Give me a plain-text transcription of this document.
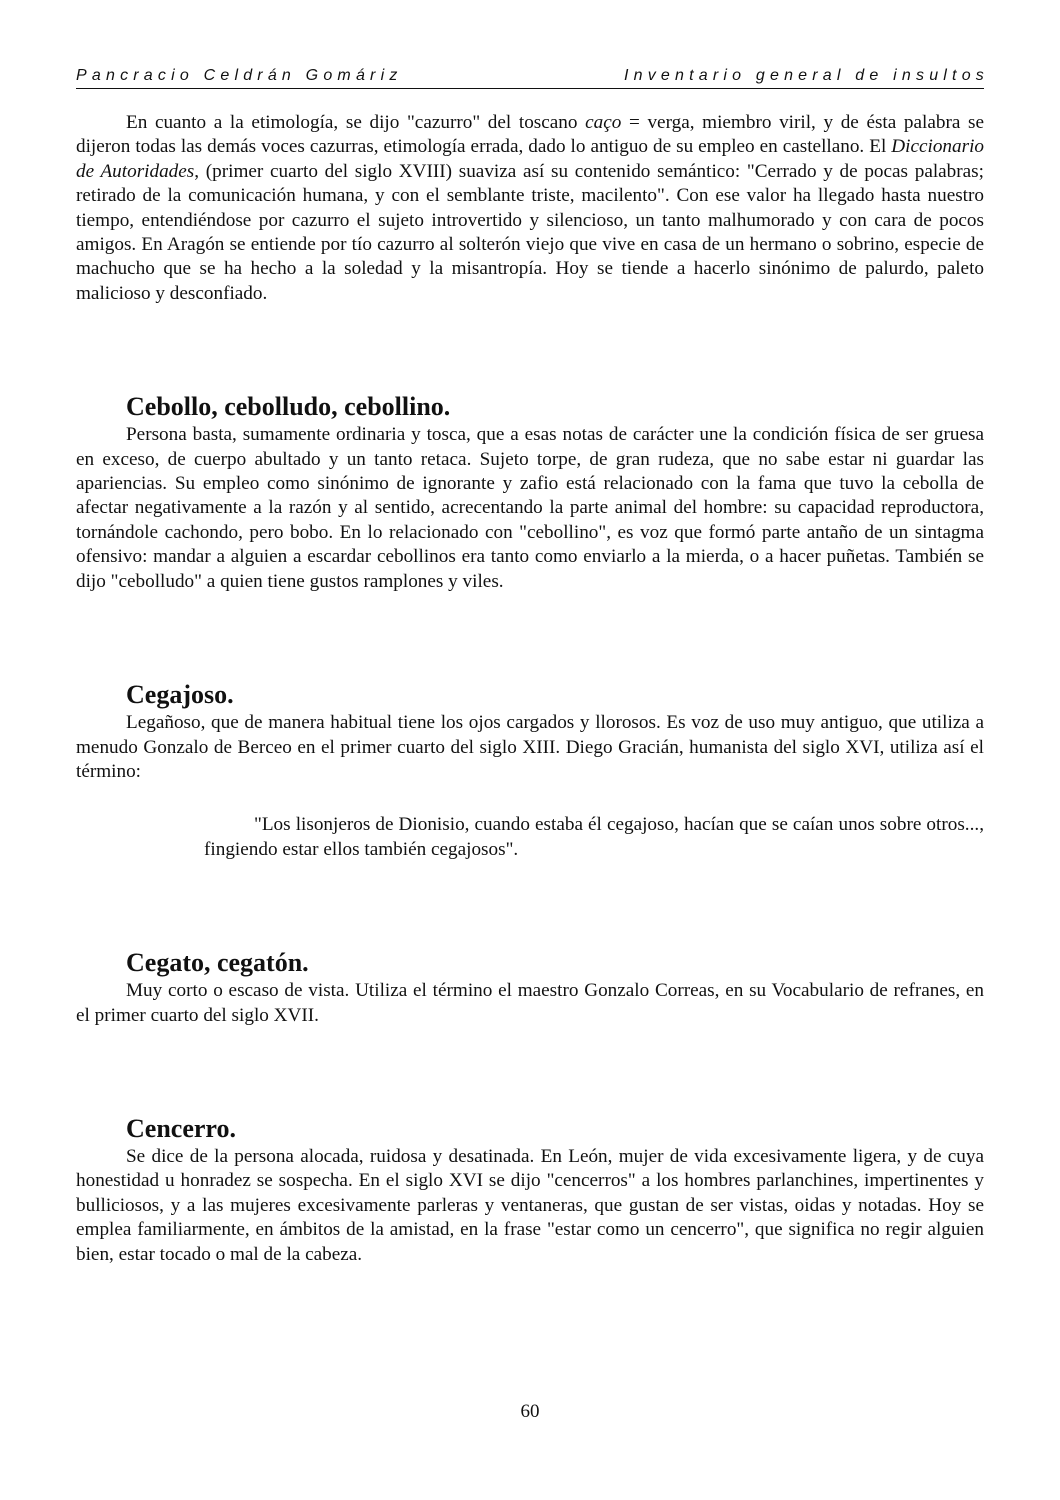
Pancracio Celdrán Gomáriz	Inventario general de insultos

En cuanto a la etimología, se dijo "cazurro" del toscano caço = verga, miembro viril, y de ésta palabra se dijeron todas las demás voces cazurras, etimología errada, dado lo antiguo de su empleo en castellano. El Diccionario de Autoridades, (primer cuarto del siglo XVIII) suaviza así su contenido semántico: "Cerrado y de pocas palabras; retirado de la comunicación humana, y con el semblante triste, macilento". Con ese valor ha llegado hasta nuestro tiempo, entendiéndose por cazurro el sujeto introvertido y silencioso, un tanto malhumorado y con cara de pocos amigos. En Aragón se entiende por tío cazurro al solterón viejo que vive en casa de un hermano o sobrino, especie de machucho que se ha hecho a la soledad y la misantropía. Hoy se tiende a hacerlo sinónimo de palurdo, paleto malicioso y desconfiado.

Cebollo, cebolludo, cebollino.

Persona basta, sumamente ordinaria y tosca, que a esas notas de carácter une la condición física de ser gruesa en exceso, de cuerpo abultado y un tanto retaca. Sujeto torpe, de gran rudeza, que no sabe estar ni guardar las apariencias. Su empleo como sinónimo de ignorante y zafio está relacionado con la fama que tuvo la cebolla de afectar negativamente a la razón y al sentido, acrecentando la parte animal del hombre: su capacidad reproductora, tornándole cachondo, pero bobo. En lo relacionado con "cebollino", es voz que formó parte antaño de un sintagma ofensivo: mandar a alguien a escardar cebollinos era tanto como enviarlo a la mierda, o a hacer puñetas. También se dijo "cebolludo" a quien tiene gustos ramplones y viles.

Cegajoso.

Legañoso, que de manera habitual tiene los ojos cargados y llorosos. Es voz de uso muy antiguo, que utiliza a menudo Gonzalo de Berceo en el primer cuarto del siglo XIII. Diego Gracián, humanista del siglo XVI, utiliza así el término:

"Los lisonjeros de Dionisio, cuando estaba él cegajoso, hacían que se caían unos sobre otros..., fingiendo estar ellos también cegajosos".
Cegato, cegatón.

Muy corto o escaso de vista. Utiliza el término el maestro Gonzalo Correas, en su Vocabulario de refranes, en el primer cuarto del siglo XVII.

Cencerro.

Se dice de la persona alocada, ruidosa y desatinada. En León, mujer de vida excesivamente ligera, y de cuya honestidad u honradez se sospecha. En el siglo XVI se dijo "cencerros" a los hombres parlanchines, impertinentes y bulliciosos, y a las mujeres excesivamente parleras y ventaneras, que gustan de ser vistas, oidas y notadas. Hoy se emplea familiarmente, en ámbitos de la amistad, en la frase "estar como un cencerro", que significa no regir alguien bien, estar tocado o mal de la cabeza.

60
